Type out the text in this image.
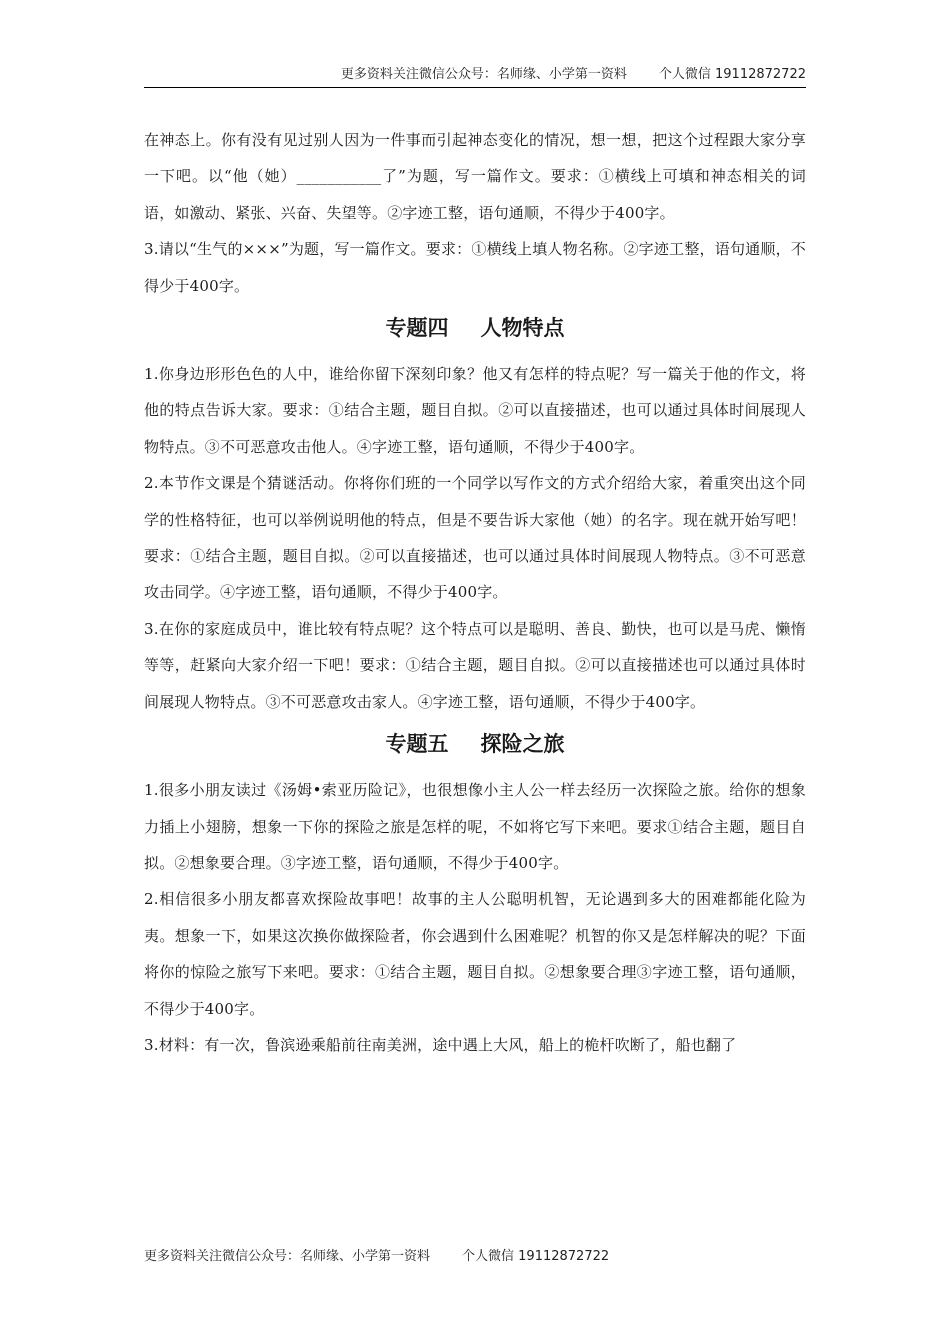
更多资料关注微信公众号：名师缘、小学第一资料 个人微信 19112872722

在神态上。你有没有见过别人因为一件事而引起神态变化的情况，想一想，把这个过程跟大家分享一下吧。以“他（她）___________了”为题，写一篇作文。要求：①横线上可填和神态相关的词语，如激动、紧张、兴奋、失望等。②字迹工整，语句通顺，不得少于400字。

3.请以“生气的×××”为题，写一篇作文。要求：①横线上填人物名称。②字迹工整，语句通顺，不得少于400字。

专题四 人物特点

1.你身边形形色色的人中，谁给你留下深刻印象？他又有怎样的特点呢？写一篇关于他的作文，将他的特点告诉大家。要求：①结合主题，题目自拟。②可以直接描述，也可以通过具体时间展现人物特点。③不可恶意攻击他人。④字迹工整，语句通顺，不得少于400字。

2.本节作文课是个猜谜活动。你将你们班的一个同学以写作文的方式介绍给大家，着重突出这个同学的性格特征，也可以举例说明他的特点，但是不要告诉大家他（她）的名字。现在就开始写吧！要求：①结合主题，题目自拟。②可以直接描述，也可以通过具体时间展现人物特点。③不可恶意攻击同学。④字迹工整，语句通顺，不得少于400字。

3.在你的家庭成员中，谁比较有特点呢？这个特点可以是聪明、善良、勤快，也可以是马虎、懒惰等等，赶紧向大家介绍一下吧！要求：①结合主题，题目自拟。②可以直接描述也可以通过具体时间展现人物特点。③不可恶意攻击家人。④字迹工整，语句通顺，不得少于400字。

专题五 探险之旅

1.很多小朋友读过《汤姆•索亚历险记》，也很想像小主人公一样去经历一次探险之旅。给你的想象力插上小翅膀，想象一下你的探险之旅是怎样的呢，不如将它写下来吧。要求①结合主题，题目自拟。②想象要合理。③字迹工整，语句通顺，不得少于400字。

2.相信很多小朋友都喜欢探险故事吧！故事的主人公聪明机智，无论遇到多大的困难都能化险为夷。想象一下，如果这次换你做探险者，你会遇到什么困难呢？机智的你又是怎样解决的呢？下面将你的惊险之旅写下来吧。要求：①结合主题，题目自拟。②想象要合理③字迹工整，语句通顺，不得少于400字。

3.材料：有一次，鲁滨逊乘船前往南美洲，途中遇上大风，船上的桅杆吹断了，船也翻了

更多资料关注微信公众号：名师缘、小学第一资料 个人微信 19112872722
